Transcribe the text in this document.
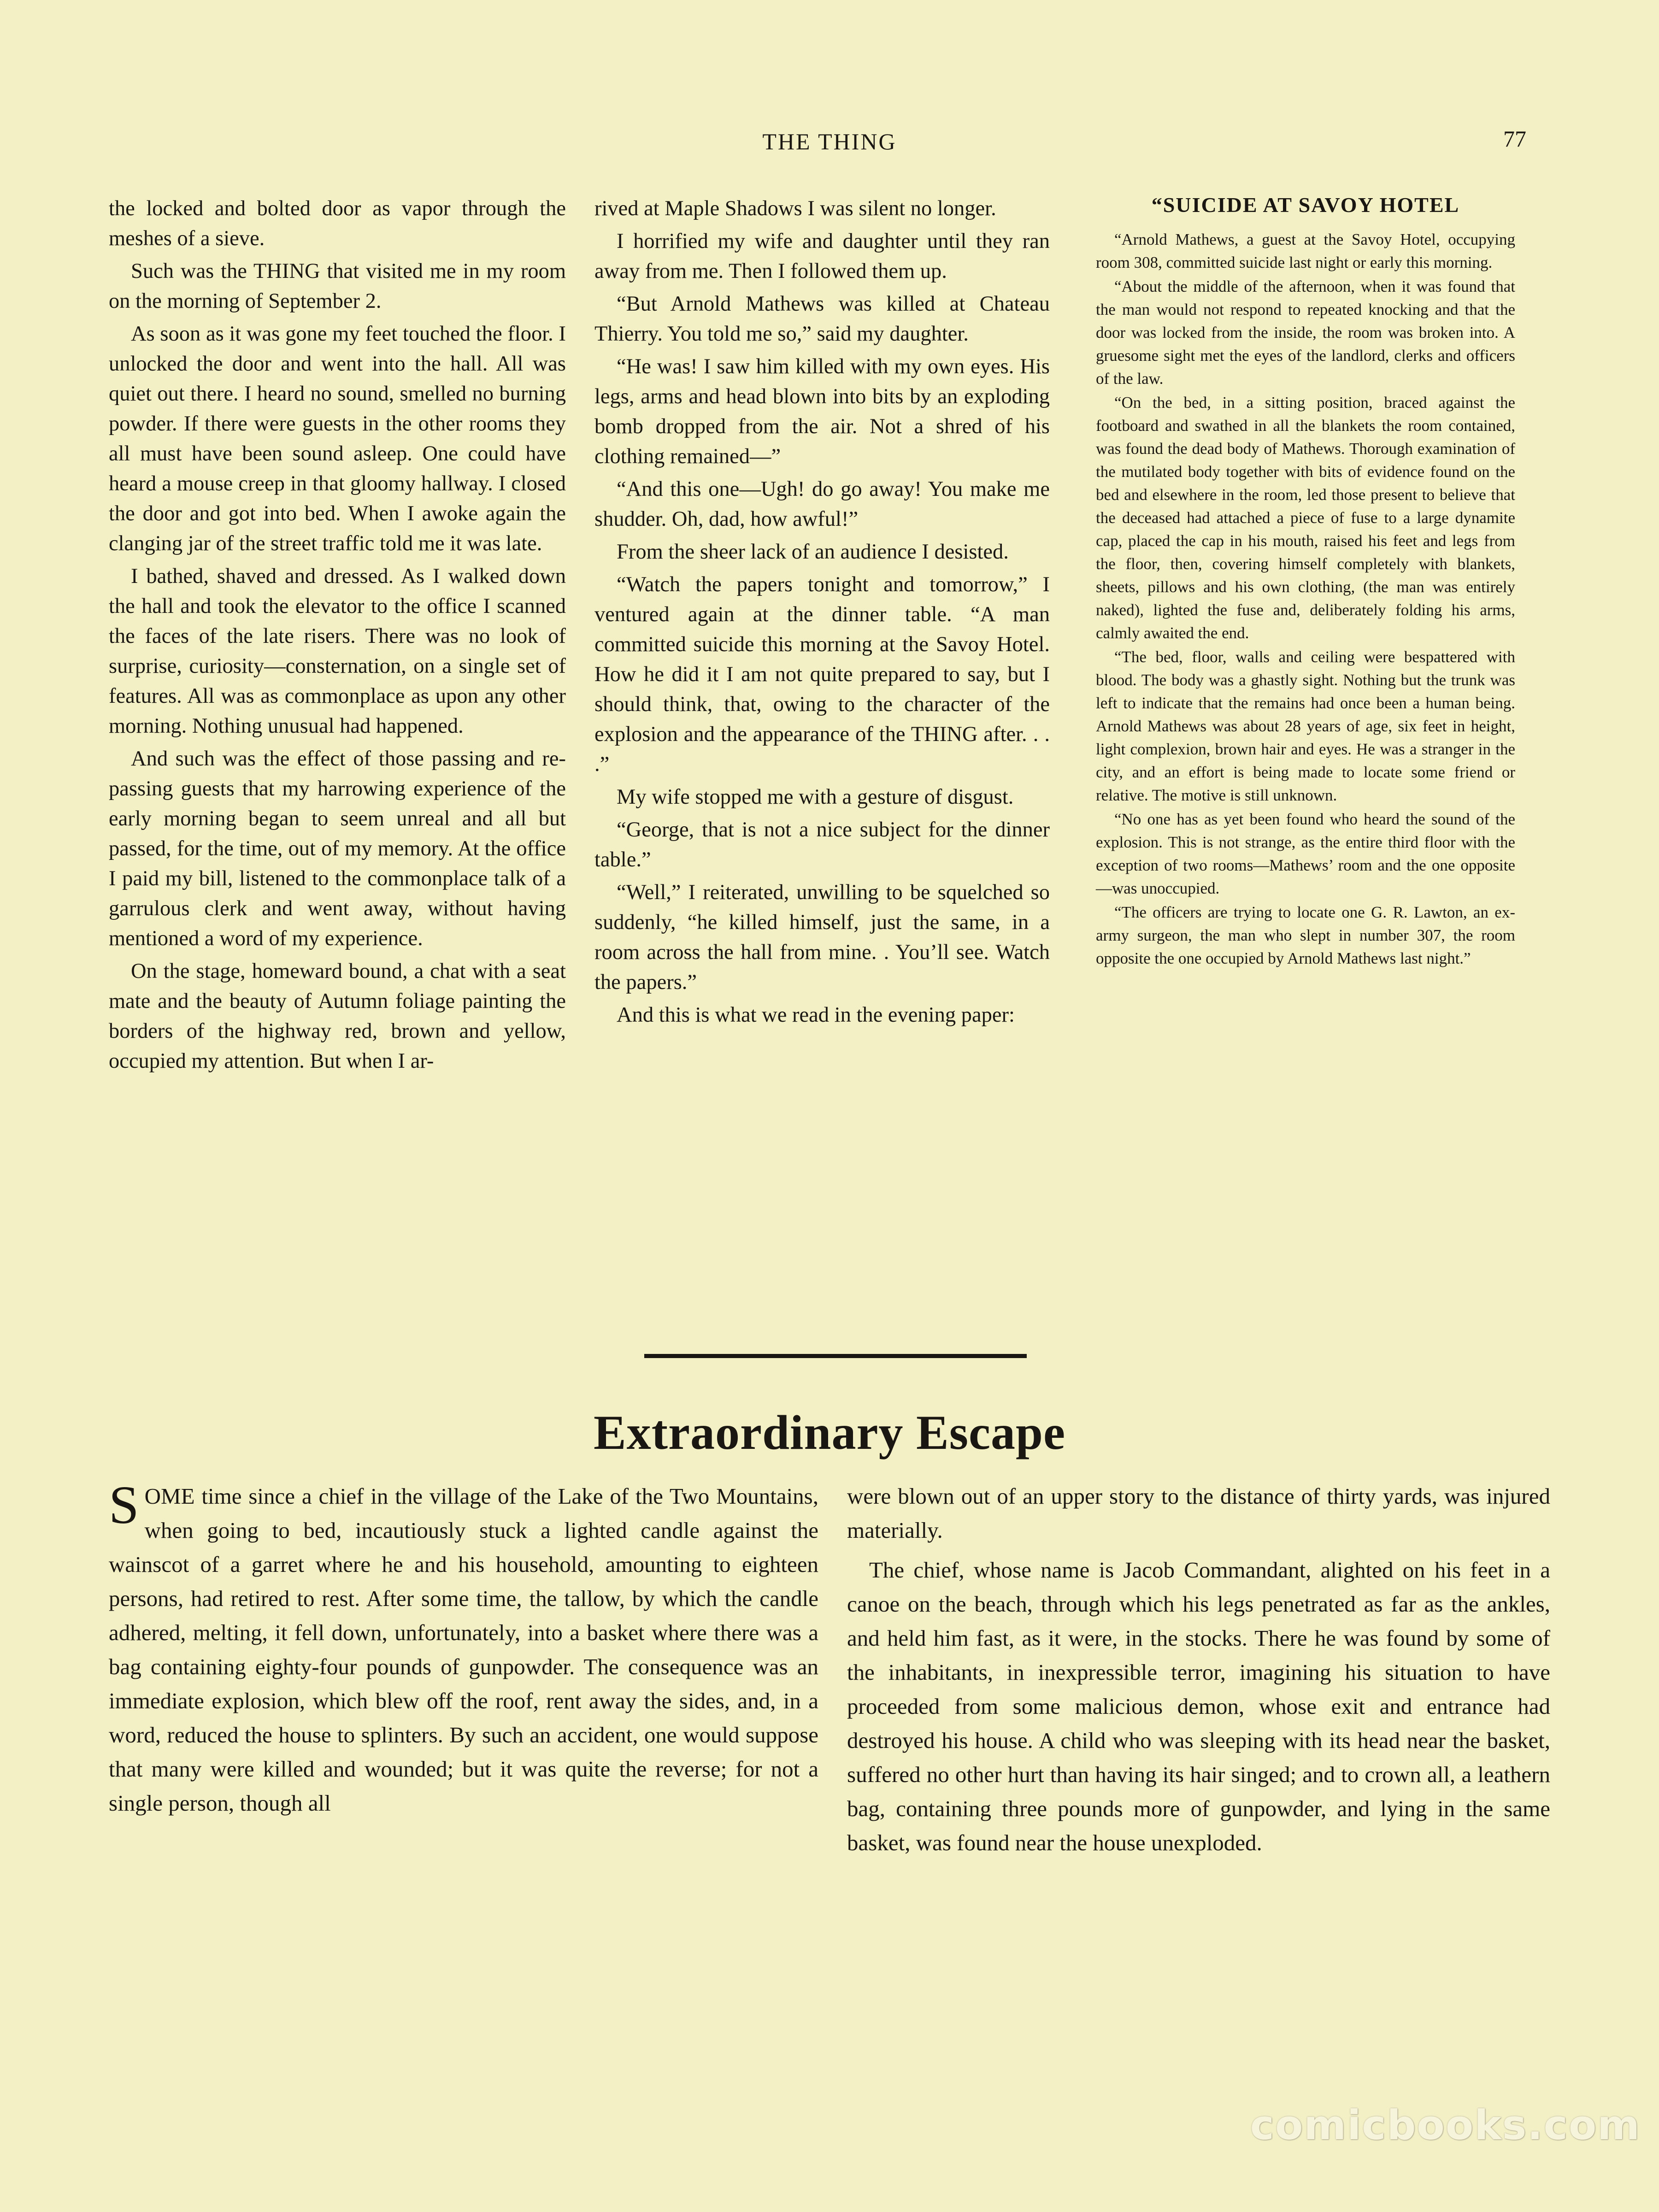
THE THING	77

the locked and bolted door as vapor through the meshes of a sieve.

Such was the THING that visited me in my room on the morning of September 2.

As soon as it was gone my feet touched the floor. I unlocked the door and went into the hall. All was quiet out there. I heard no sound, smelled no burning powder. If there were guests in the other rooms they all must have been sound asleep. One could have heard a mouse creep in that gloomy hallway. I closed the door and got into bed. When I awoke again the clanging jar of the street traffic told me it was late.

I bathed, shaved and dressed. As I walked down the hall and took the elevator to the office I scanned the faces of the late risers. There was no look of surprise, curiosity—consternation, on a single set of features. All was as commonplace as upon any other morning. Nothing unusual had happened.

And such was the effect of those passing and re-passing guests that my harrowing experience of the early morning began to seem unreal and all but passed, for the time, out of my memory. At the office I paid my bill, listened to the commonplace talk of a garrulous clerk and went away, without having mentioned a word of my experience.

On the stage, homeward bound, a chat with a seat mate and the beauty of Autumn foliage painting the borders of the highway red, brown and yellow, occupied my attention. But when I ar-

rived at Maple Shadows I was silent no longer.

I horrified my wife and daughter until they ran away from me. Then I followed them up.

“But Arnold Mathews was killed at Chateau Thierry. You told me so,” said my daughter.

“He was! I saw him killed with my own eyes. His legs, arms and head blown into bits by an exploding bomb dropped from the air. Not a shred of his clothing remained—”

“And this one—Ugh! do go away! You make me shudder. Oh, dad, how awful!”

From the sheer lack of an audience I desisted.

“Watch the papers tonight and tomorrow,” I ventured again at the dinner table. “A man committed suicide this morning at the Savoy Hotel. How he did it I am not quite prepared to say, but I should think, that, owing to the character of the explosion and the appearance of the THING after. . . .”

My wife stopped me with a gesture of disgust.

“George, that is not a nice subject for the dinner table.”

“Well,” I reiterated, unwilling to be squelched so suddenly, “he killed himself, just the same, in a room across the hall from mine. . You’ll see. Watch the papers.”

And this is what we read in the evening paper:

“SUICIDE AT SAVOY HOTEL

“Arnold Mathews, a guest at the Savoy Hotel, occupying room 308, committed suicide last night or early this morning.

“About the middle of the afternoon, when it was found that the man would not respond to repeated knocking and that the door was locked from the inside, the room was broken into. A gruesome sight met the eyes of the landlord, clerks and officers of the law.

“On the bed, in a sitting position, braced against the footboard and swathed in all the blankets the room contained, was found the dead body of Mathews. Thorough examination of the mutilated body together with bits of evidence found on the bed and elsewhere in the room, led those present to believe that the deceased had attached a piece of fuse to a large dynamite cap, placed the cap in his mouth, raised his feet and legs from the floor, then, covering himself completely with blankets, sheets, pillows and his own clothing, (the man was entirely naked), lighted the fuse and, deliberately folding his arms, calmly awaited the end.

“The bed, floor, walls and ceiling were bespattered with blood. The body was a ghastly sight. Nothing but the trunk was left to indicate that the remains had once been a human being. Arnold Mathews was about 28 years of age, six feet in height, light complexion, brown hair and eyes. He was a stranger in the city, and an effort is being made to locate some friend or relative. The motive is still unknown.

“No one has as yet been found who heard the sound of the explosion. This is not strange, as the entire third floor with the exception of two rooms—Mathews’ room and the one opposite—was unoccupied.

“The officers are trying to locate one G. R. Lawton, an ex-army surgeon, the man who slept in number 307, the room opposite the one occupied by Arnold Mathews last night.”

Extraordinary Escape

SOME time since a chief in the village of the Lake of the Two Mountains, when going to bed, incautiously stuck a lighted candle against the wainscot of a garret where he and his household, amounting to eighteen persons, had retired to rest. After some time, the tallow, by which the candle adhered, melting, it fell down, unfortunately, into a basket where there was a bag containing eighty-four pounds of gunpowder. The consequence was an immediate explosion, which blew off the roof, rent away the sides, and, in a word, reduced the house to splinters. By such an accident, one would suppose that many were killed and wounded; but it was quite the reverse; for not a single person, though all

were blown out of an upper story to the distance of thirty yards, was injured materially.

The chief, whose name is Jacob Commandant, alighted on his feet in a canoe on the beach, through which his legs penetrated as far as the ankles, and held him fast, as it were, in the stocks. There he was found by some of the inhabitants, in inexpressible terror, imagining his situation to have proceeded from some malicious demon, whose exit and entrance had destroyed his house. A child who was sleeping with its head near the basket, suffered no other hurt than having its hair singed; and to crown all, a leathern bag, containing three pounds more of gunpowder, and lying in the same basket, was found near the house unexploded.

comicbooks.com
